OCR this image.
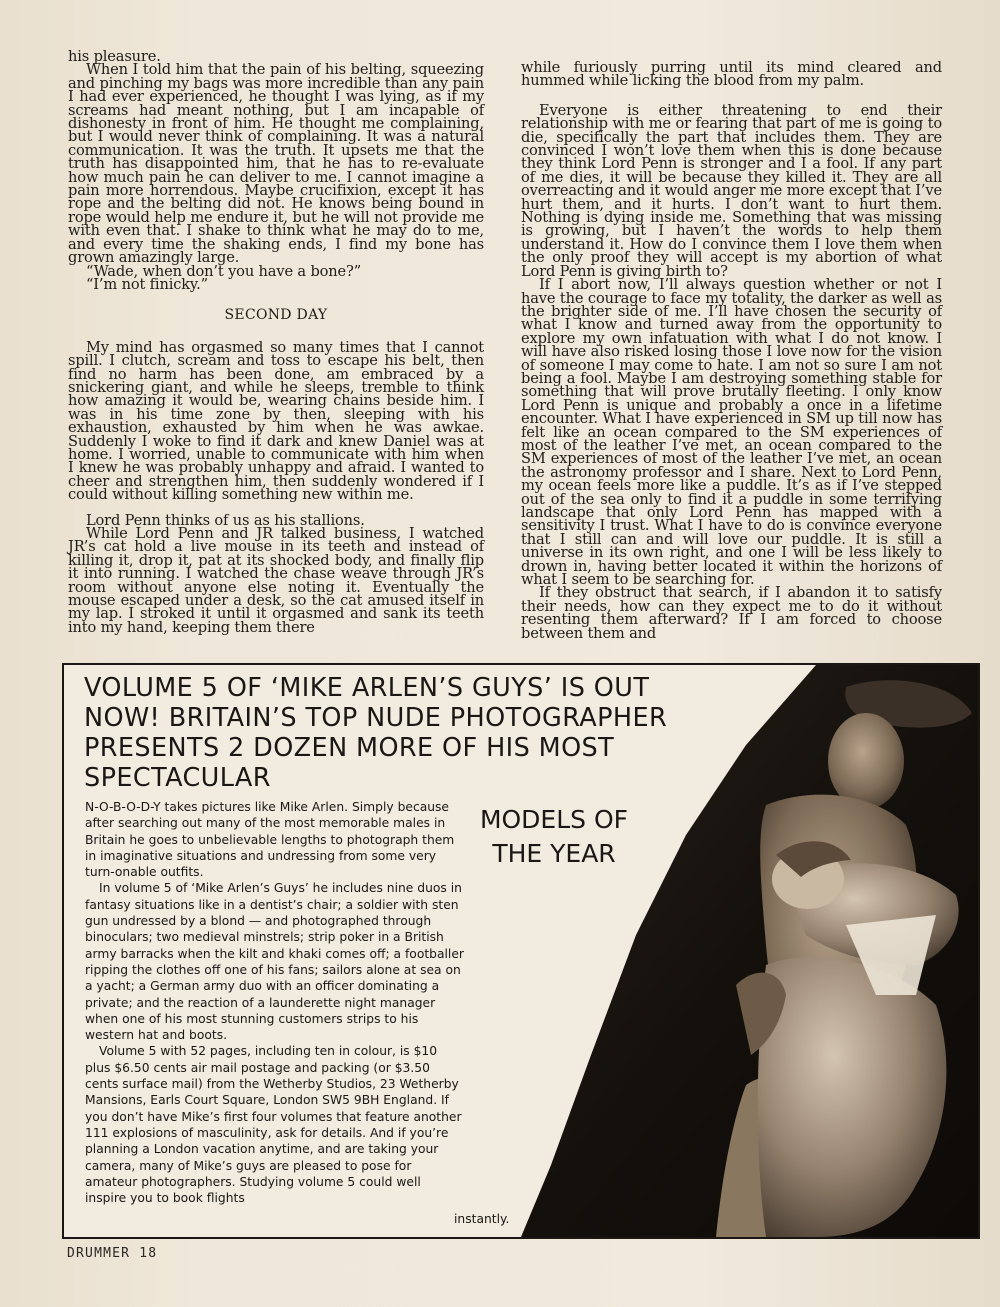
his pleasure.

When I told him that the pain of his belting, squeezing and pinching my bags was more incredible than any pain I had ever experienced, he thought I was lying, as if my screams had meant nothing, but I am incapable of dishonesty in front of him. He thought me complaining, but I would never think of complaining. It was a natural communication. It was the truth. It upsets me that the truth has disappointed him, that he has to re-evaluate how much pain he can deliver to me. I cannot imagine a pain more horrendous. Maybe crucifixion, except it has rope and the belting did not. He knows being bound in rope would help me endure it, but he will not provide me with even that. I shake to think what he may do to me, and every time the shaking ends, I find my bone has grown amazingly large.

“Wade, when don’t you have a bone?”

“I’m not finicky.”

SECOND DAY

My mind has orgasmed so many times that I cannot spill. I clutch, scream and toss to escape his belt, then find no harm has been done, am embraced by a snickering giant, and while he sleeps, tremble to think how amazing it would be, wearing chains beside him. I was in his time zone by then, sleeping with his exhaustion, exhausted by him when he was awkae. Suddenly I woke to find it dark and knew Daniel was at home. I worried, unable to communicate with him when I knew he was probably unhappy and afraid. I wanted to cheer and strengthen him, then suddenly wondered if I could without killing something new within me.

Lord Penn thinks of us as his stallions.

While Lord Penn and JR talked business, I watched JR’s cat hold a live mouse in its teeth and instead of killing it, drop it, pat at its shocked body, and finally flip it into running. I watched the chase weave through JR’s room without anyone else noting it. Eventually the mouse escaped under a desk, so the cat amused itself in my lap. I stroked it until it orgasmed and sank its teeth into my hand, keeping them there

while furiously purring until its mind cleared and hummed while licking the blood from my palm.

Everyone is either threatening to end their relationship with me or fearing that part of me is going to die, specifically the part that includes them. They are convinced I won’t love them when this is done because they think Lord Penn is stronger and I a fool. If any part of me dies, it will be because they killed it. They are all overreacting and it would anger me more except that I’ve hurt them, and it hurts. I don’t want to hurt them. Nothing is dying inside me. Something that was missing is growing, but I haven’t the words to help them understand it. How do I convince them I love them when the only proof they will accept is my abortion of what Lord Penn is giving birth to?

If I abort now, I’ll always question whether or not I have the courage to face my totality, the darker as well as the brighter side of me. I’ll have chosen the security of what I know and turned away from the opportunity to explore my own infatuation with what I do not know. I will have also risked losing those I love now for the vision of someone I may come to hate. I am not so sure I am not being a fool. Maybe I am destroying something stable for something that will prove brutally fleeting. I only know Lord Penn is unique and probably a once in a lifetime encounter. What I have experienced in SM up till now has felt like an ocean compared to the SM experiences of most of the leather I’ve met, an ocean compared to the SM experiences of most of the leather I’ve met, an ocean the astronomy professor and I share. Next to Lord Penn, my ocean feels more like a puddle. It’s as if I’ve stepped out of the sea only to find it a puddle in some terrifying landscape that only Lord Penn has mapped with a sensitivity I trust. What I have to do is convince everyone that I still can and will love our puddle. It is still a universe in its own right, and one I will be less likely to drown in, having better located it within the horizons of what I seem to be searching for.

If they obstruct that search, if I abandon it to satisfy their needs, how can they expect me to do it without resenting them afterward? If I am forced to choose between them and

VOLUME 5 OF ‘MIKE ARLEN’S GUYS’ IS OUT NOW! BRITAIN’S TOP NUDE PHOTOGRAPHER PRESENTS 2 DOZEN MORE OF HIS MOST SPECTACULAR
MODELS OF THE YEAR

N-O-B-O-D-Y takes pictures like Mike Arlen. Simply because after searching out many of the most memorable males in Britain he goes to unbelievable lengths to photograph them in imaginative situations and undressing from some very turn-onable outfits.

In volume 5 of ‘Mike Arlen’s Guys’ he includes nine duos in fantasy situations like in a dentist’s chair; a soldier with sten gun undressed by a blond — and photographed through binoculars; two medieval minstrels; strip poker in a British army barracks when the kilt and khaki comes off; a footballer ripping the clothes off one of his fans; sailors alone at sea on a yacht; a German army duo with an officer dominating a private; and the reaction of a launderette night manager when one of his most stunning customers strips to his western hat and boots.

Volume 5 with 52 pages, including ten in colour, is $10 plus $6.50 cents air mail postage and packing (or $3.50 cents surface mail) from the Wetherby Studios, 23 Wetherby Mansions, Earls Court Square, London SW5 9BH England. If you don’t have Mike’s first four volumes that feature another 111 explosions of masculinity, ask for details. And if you’re planning a London vacation anytime, and are taking your camera, many of Mike’s guys are pleased to pose for amateur photographers. Studying volume 5 could well inspire you to book flights

instantly.
DRUMMER 18
